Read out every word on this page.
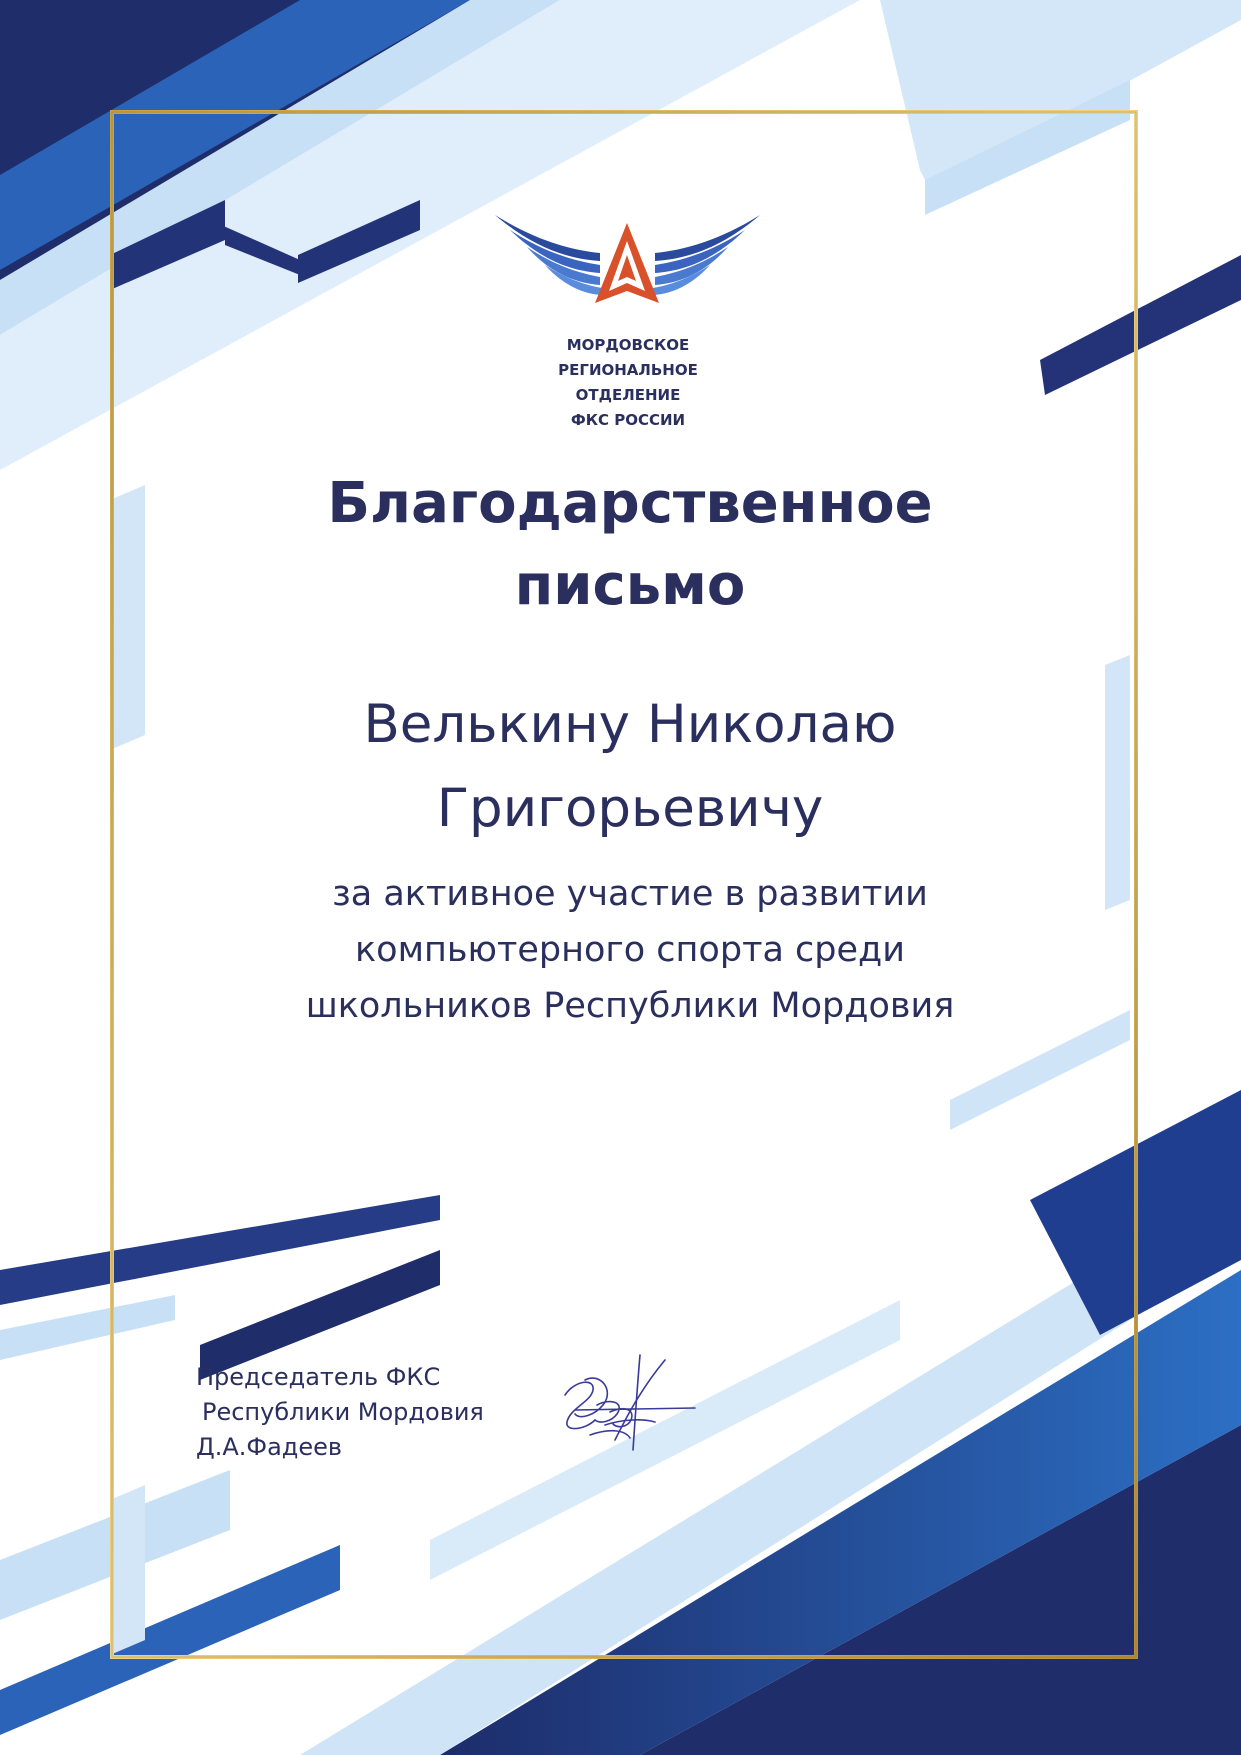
МОРДОВСКОЕ
РЕГИОНАЛЬНОЕ
ОТДЕЛЕНИЕ
ФКС РОССИИ
Благодарственное
письмо
Велькину Николаю
Григорьевичу
за активное участие в развитии
компьютерного спорта среди
школьников Республики Мордовия
Председатель ФКС
Республики Мордовия
Д.А.Фадеев
